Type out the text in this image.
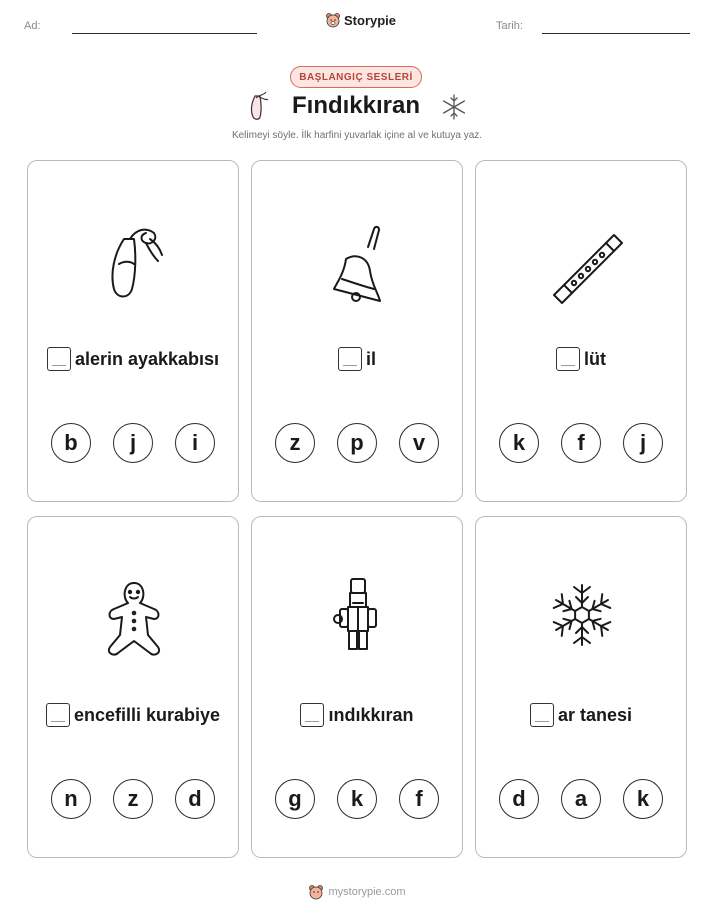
Ad:	Storypie	Tarih:
BAŞLANGIÇ SESLERİ
Fındıkkıran
Kelimeyi söyle. İlk harfini yuvarlak içine al ve kutuya yaz.
alerin ayakkabısı
b	j	i
il
z	p	v
lüt
k	f	j
encefilli kurabiye
n	z	d
ındıkkıran
g	k	f
ar tanesi
d	a	k
mystorypie.com
